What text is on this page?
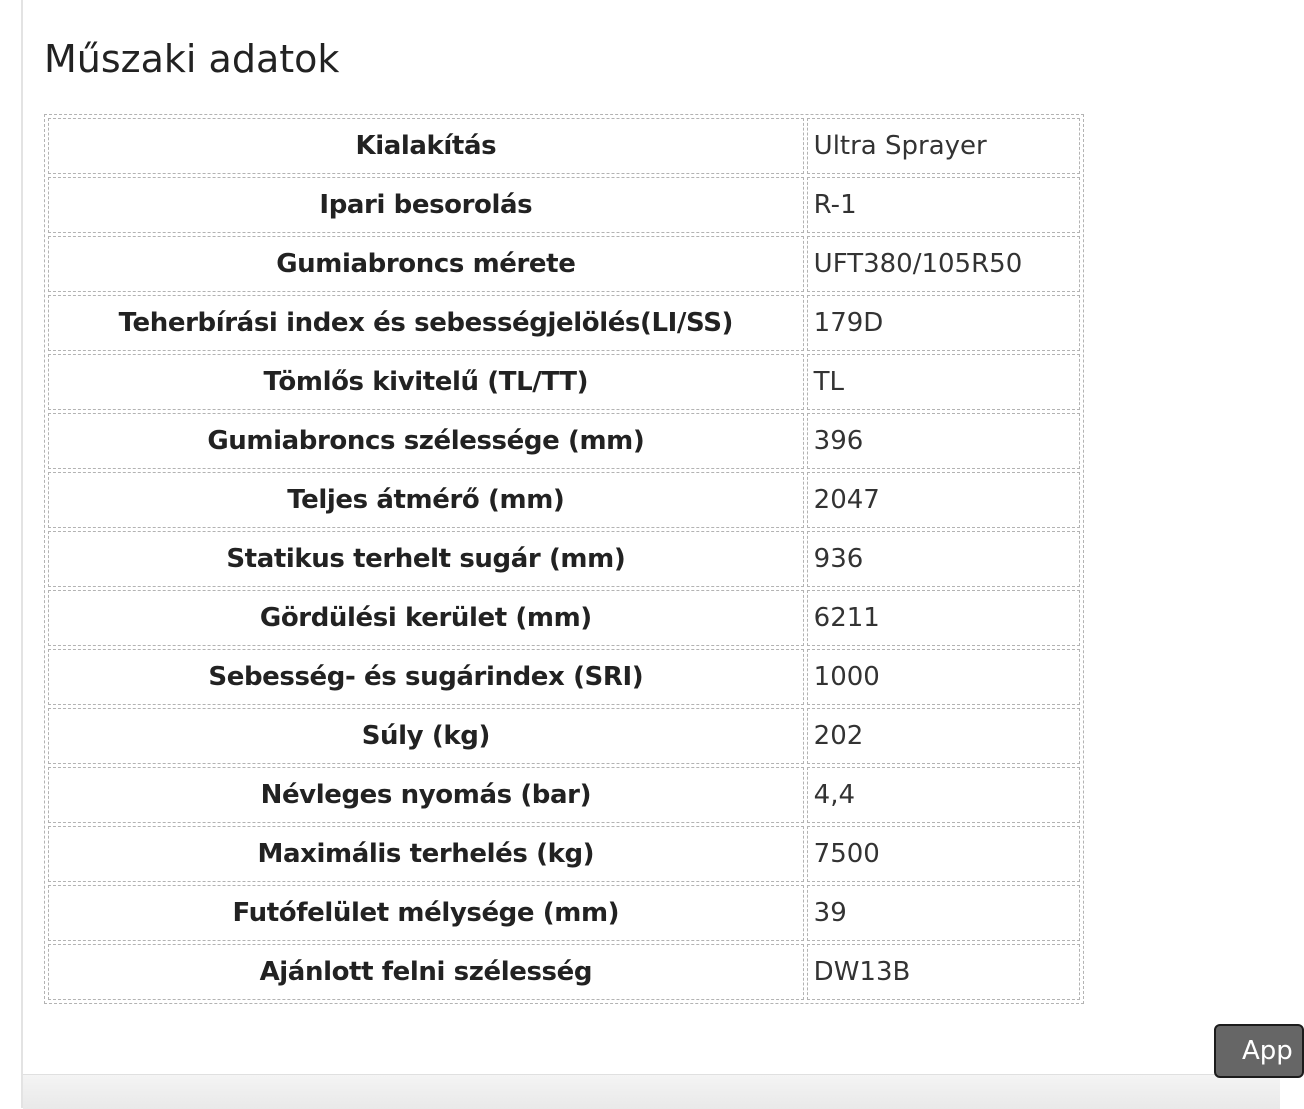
Műszaki adatok
Kialakítás	Ultra Sprayer
Ipari besorolás	R-1
Gumiabroncs mérete	UFT380/105R50
Teherbírási index és sebességjelölés(LI/SS)	179D
Tömlős kivitelű (TL/TT)	TL
Gumiabroncs szélessége (mm)	396
Teljes átmérő (mm)	2047
Statikus terhelt sugár (mm)	936
Gördülési kerület (mm)	6211
Sebesség- és sugárindex (SRI)	1000
Súly (kg)	202
Névleges nyomás (bar)	4,4
Maximális terhelés (kg)	7500
Futófelület mélysége (mm)	39
Ajánlott felni szélesség	DW13B
App
